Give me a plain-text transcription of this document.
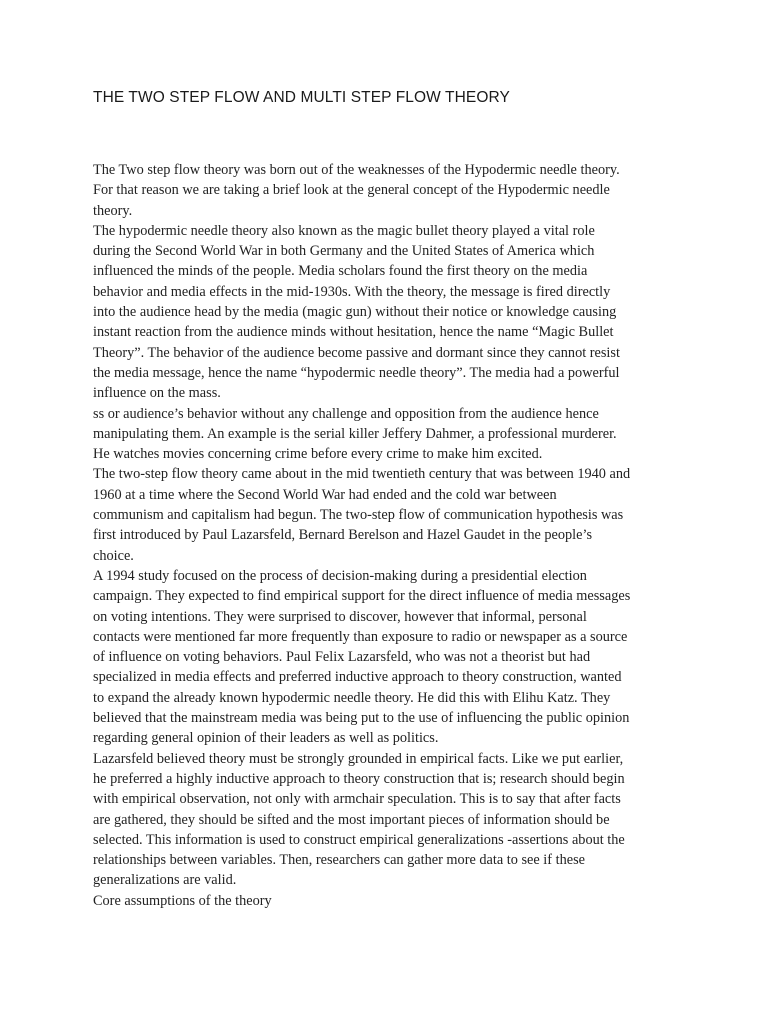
THE TWO STEP FLOW AND MULTI STEP FLOW THEORY
The Two step flow theory was born out of the weaknesses of the Hypodermic needle theory.
For that reason we are taking a brief look at the general concept of the Hypodermic needle
theory.
The hypodermic needle theory also known as the magic bullet theory played a vital role
during the Second World War in both Germany and the United States of America which
influenced the minds of the people. Media scholars found the first theory on the media
behavior and media effects in the mid-1930s. With the theory, the message is fired directly
into the audience head by the media (magic gun) without their notice or knowledge causing
instant reaction from the audience minds without hesitation, hence the name “Magic Bullet
Theory”. The behavior of the audience become passive and dormant since they cannot resist
the media message, hence the name “hypodermic needle theory”. The media had a powerful
influence on the mass.
ss or audience’s behavior without any challenge and opposition from the audience hence
manipulating them. An example is the serial killer Jeffery Dahmer, a professional murderer.
He watches movies concerning crime before every crime to make him excited.
The two-step flow theory came about in the mid twentieth century that was between 1940 and
1960 at a time where the Second World War had ended and the cold war between
communism and capitalism had begun. The two-step flow of communication hypothesis was
first introduced by Paul Lazarsfeld, Bernard Berelson and Hazel Gaudet in the people’s
choice.
A 1994 study focused on the process of decision-making during a presidential election
campaign. They expected to find empirical support for the direct influence of media messages
on voting intentions. They were surprised to discover, however that informal, personal
contacts were mentioned far more frequently than exposure to radio or newspaper as a source
of influence on voting behaviors. Paul Felix Lazarsfeld, who was not a theorist but had
specialized in media effects and preferred inductive approach to theory construction, wanted
to expand the already known hypodermic needle theory. He did this with Elihu Katz. They
believed that the mainstream media was being put to the use of influencing the public opinion
regarding general opinion of their leaders as well as politics.
Lazarsfeld believed theory must be strongly grounded in empirical facts. Like we put earlier,
he preferred a highly inductive approach to theory construction that is; research should begin
with empirical observation, not only with armchair speculation. This is to say that after facts
are gathered, they should be sifted and the most important pieces of information should be
selected. This information is used to construct empirical generalizations -assertions about the
relationships between variables. Then, researchers can gather more data to see if these
generalizations are valid.
Core assumptions of the theory
